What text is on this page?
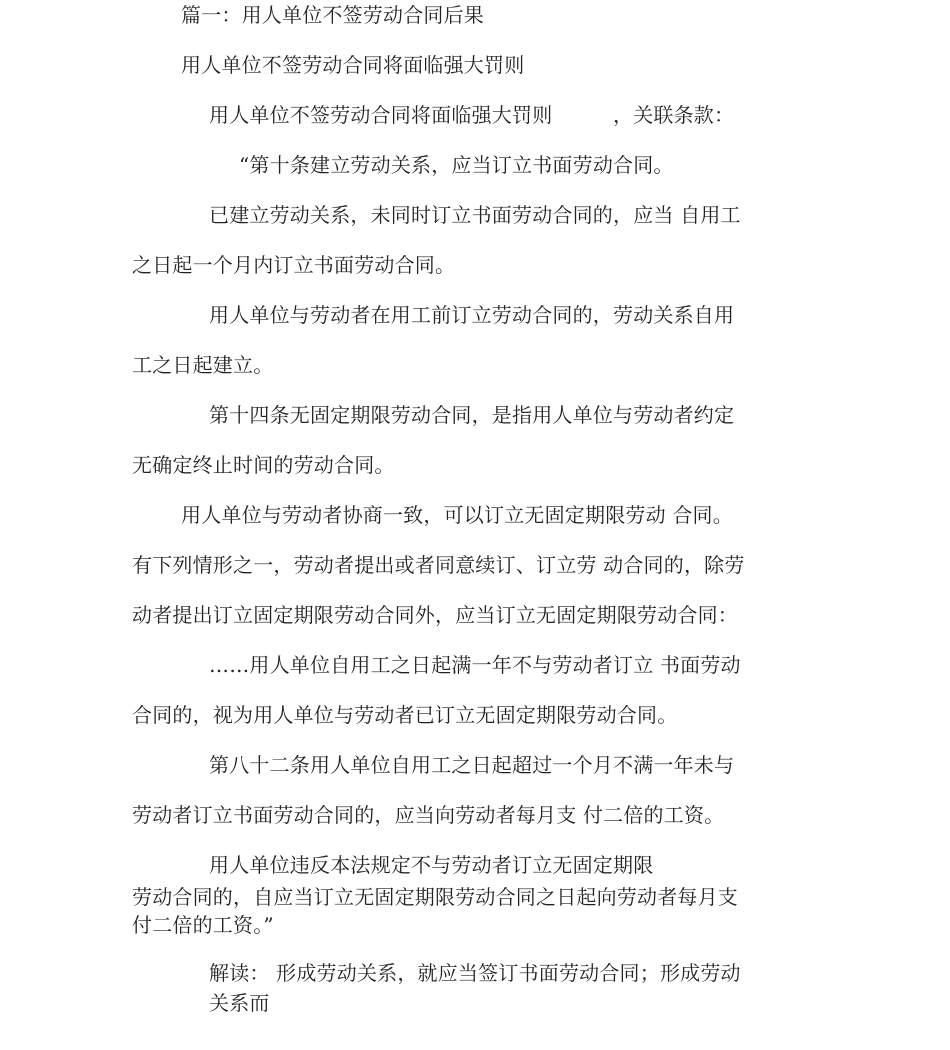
篇一：用人单位不签劳动合同后果
用人单位不签劳动合同将面临强大罚则
用人单位不签劳动合同将面临强大罚则　　　，关联条款：
“第十条建立劳动关系，应当订立书面劳动合同。
已建立劳动关系，未同时订立书面劳动合同的，应当 自用工
之日起一个月内订立书面劳动合同。
用人单位与劳动者在用工前订立劳动合同的，劳动关系自用
工之日起建立。
第十四条无固定期限劳动合同，是指用人单位与劳动者约定
无确定终止时间的劳动合同。
用人单位与劳动者协商一致，可以订立无固定期限劳动 合同。
有下列情形之一，劳动者提出或者同意续订、订立劳 动合同的，除劳
动者提出订立固定期限劳动合同外，应当订立无固定期限劳动合同：
……用人单位自用工之日起满一年不与劳动者订立 书面劳动
合同的，视为用人单位与劳动者已订立无固定期限劳动合同。
第八十二条用人单位自用工之日起超过一个月不满一年未与
劳动者订立书面劳动合同的，应当向劳动者每月支 付二倍的工资。
用人单位违反本法规定不与劳动者订立无固定期限
劳动合同的，自应当订立无固定期限劳动合同之日起向劳动者每月支
付二倍的工资。”
解读： 形成劳动关系，就应当签订书面劳动合同；形成劳动
关系而
